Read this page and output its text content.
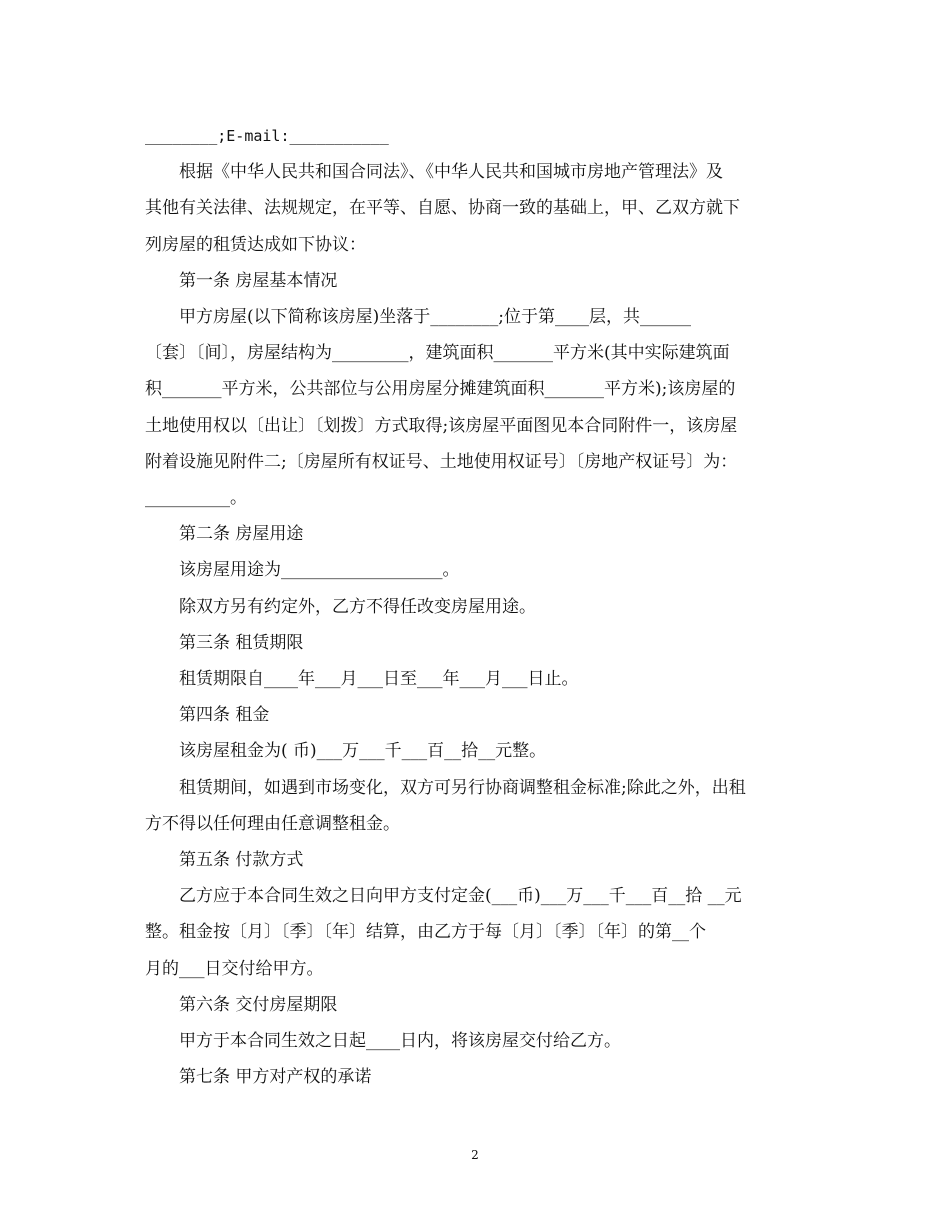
________;E-mail:___________

根据《中华人民共和国合同法》、《中华人民共和国城市房地产管理法》及

其他有关法律、法规规定，在平等、自愿、协商一致的基础上，甲、乙双方就下

列房屋的租赁达成如下协议：

第一条 房屋基本情况

甲方房屋(以下简称该房屋)坐落于________;位于第____层，共______

〔套〕〔间〕，房屋结构为_________，建筑面积_______平方米(其中实际建筑面

积_______平方米，公共部位与公用房屋分摊建筑面积_______平方米);该房屋的

土地使用权以〔出让〕〔划拨〕方式取得;该房屋平面图见本合同附件一，该房屋

附着设施见附件二;〔房屋所有权证号、土地使用权证号〕〔房地产权证号〕为：

__________。

第二条 房屋用途

该房屋用途为___________________。

除双方另有约定外，乙方不得任改变房屋用途。

第三条 租赁期限

租赁期限自____年___月___日至___年___月___日止。

第四条 租金

该房屋租金为( 币)___万___千___百__拾__元整。

租赁期间，如遇到市场变化，双方可另行协商调整租金标准;除此之外，出租

方不得以任何理由任意调整租金。

第五条 付款方式

乙方应于本合同生效之日向甲方支付定金(___币)___万___千___百__拾 __元

整。租金按〔月〕〔季〕〔年〕结算，由乙方于每〔月〕〔季〕〔年〕的第__个

月的___日交付给甲方。

第六条 交付房屋期限

甲方于本合同生效之日起____日内，将该房屋交付给乙方。

第七条 甲方对产权的承诺

2
